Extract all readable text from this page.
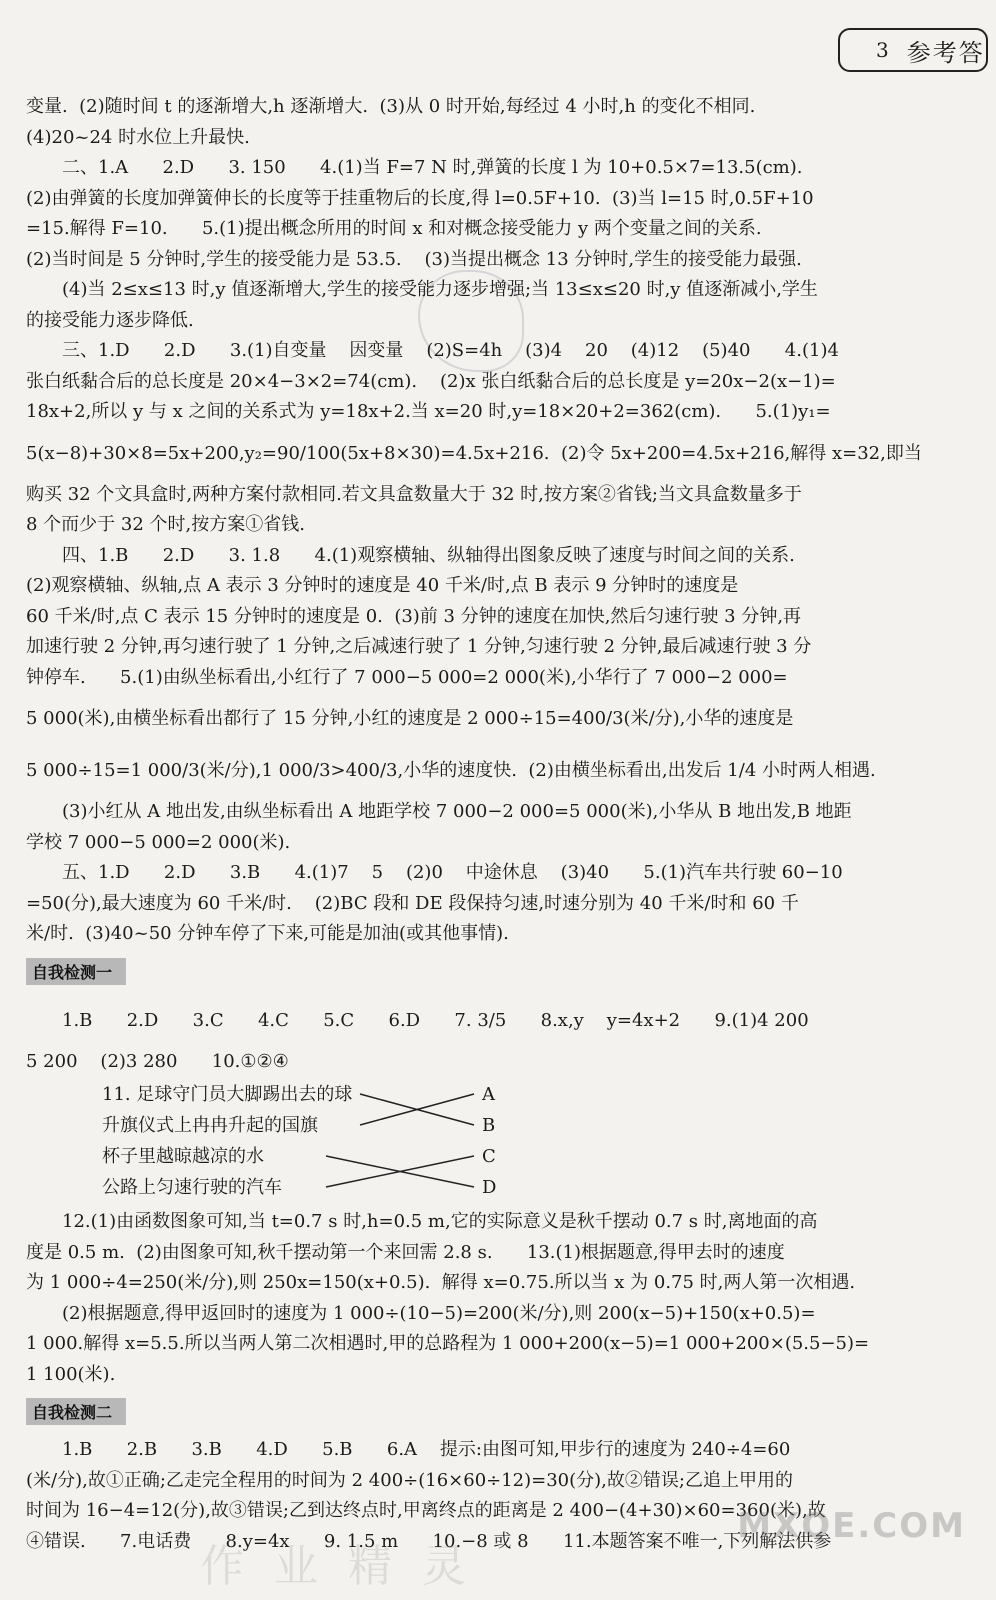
3 参考答
变量.  (2)随时间 t 的逐渐增大,h 逐渐增大.  (3)从 0 时开始,每经过 4 小时,h 的变化不相同.
(4)20~24 时水位上升最快.
二、1.A      2.D      3. 150      4.(1)当 F=7 N 时,弹簧的长度 l 为 10+0.5×7=13.5(cm).
(2)由弹簧的长度加弹簧伸长的长度等于挂重物后的长度,得 l=0.5F+10.  (3)当 l=15 时,0.5F+10
=15.解得 F=10.      5.(1)提出概念所用的时间 x 和对概念接受能力 y 两个变量之间的关系.
(2)当时间是 5 分钟时,学生的接受能力是 53.5.    (3)当提出概念 13 分钟时,学生的接受能力最强.
(4)当 2≤x≤13 时,y 值逐渐增大,学生的接受能力逐步增强;当 13≤x≤20 时,y 值逐渐减小,学生
的接受能力逐步降低.
三、1.D      2.D      3.(1)自变量    因变量    (2)S=4h    (3)4    20    (4)12    (5)40      4.(1)4
张白纸黏合后的总长度是 20×4−3×2=74(cm).    (2)x 张白纸黏合后的总长度是 y=20x−2(x−1)=
18x+2,所以 y 与 x 之间的关系式为 y=18x+2.当 x=20 时,y=18×20+2=362(cm).      5.(1)y₁=
5(x−8)+30×8=5x+200,y₂=90/100(5x+8×30)=4.5x+216.  (2)令 5x+200=4.5x+216,解得 x=32,即当
购买 32 个文具盒时,两种方案付款相同.若文具盒数量大于 32 时,按方案②省钱;当文具盒数量多于
8 个而少于 32 个时,按方案①省钱.
四、1.B      2.D      3. 1.8      4.(1)观察横轴、纵轴得出图象反映了速度与时间之间的关系.
(2)观察横轴、纵轴,点 A 表示 3 分钟时的速度是 40 千米/时,点 B 表示 9 分钟时的速度是
60 千米/时,点 C 表示 15 分钟时的速度是 0.  (3)前 3 分钟的速度在加快,然后匀速行驶 3 分钟,再
加速行驶 2 分钟,再匀速行驶了 1 分钟,之后减速行驶了 1 分钟,匀速行驶 2 分钟,最后减速行驶 3 分
钟停车.      5.(1)由纵坐标看出,小红行了 7 000−5 000=2 000(米),小华行了 7 000−2 000=
5 000(米),由横坐标看出都行了 15 分钟,小红的速度是 2 000÷15=400/3(米/分),小华的速度是
5 000÷15=1 000/3(米/分),1 000/3>400/3,小华的速度快.  (2)由横坐标看出,出发后 1/4 小时两人相遇.
(3)小红从 A 地出发,由纵坐标看出 A 地距学校 7 000−2 000=5 000(米),小华从 B 地出发,B 地距
学校 7 000−5 000=2 000(米).
五、1.D      2.D      3.B      4.(1)7    5    (2)0    中途休息    (3)40      5.(1)汽车共行驶 60−10
=50(分),最大速度为 60 千米/时.    (2)BC 段和 DE 段保持匀速,时速分别为 40 千米/时和 60 千
米/时.  (3)40~50 分钟车停了下来,可能是加油(或其他事情).
自我检测一
1.B      2.D      3.C      4.C      5.C      6.D      7. 3/5      8.x,y    y=4x+2      9.(1)4 200
5 200    (2)3 280      10.①②④
11. 足球守门员大脚踢出去的球
升旗仪式上冉冉升起的国旗
杯子里越晾越凉的水
公路上匀速行驶的汽车
A
B
C
D
12.(1)由函数图象可知,当 t=0.7 s 时,h=0.5 m,它的实际意义是秋千摆动 0.7 s 时,离地面的高
度是 0.5 m.  (2)由图象可知,秋千摆动第一个来回需 2.8 s.      13.(1)根据题意,得甲去时的速度
为 1 000÷4=250(米/分),则 250x=150(x+0.5).  解得 x=0.75.所以当 x 为 0.75 时,两人第一次相遇.
(2)根据题意,得甲返回时的速度为 1 000÷(10−5)=200(米/分),则 200(x−5)+150(x+0.5)=
1 000.解得 x=5.5.所以当两人第二次相遇时,甲的总路程为 1 000+200(x−5)=1 000+200×(5.5−5)=
1 100(米).
自我检测二
1.B      2.B      3.B      4.D      5.B      6.A    提示:由图可知,甲步行的速度为 240÷4=60
(米/分),故①正确;乙走完全程用的时间为 2 400÷(16×60÷12)=30(分),故②错误;乙追上甲用的
时间为 16−4=12(分),故③错误;乙到达终点时,甲离终点的距离是 2 400−(4+30)×60=360(米),故
④错误.      7.电话费      8.y=4x      9. 1.5 m      10.−8 或 8      11.本题答案不唯一,下列解法供参
作业精灵
MXQE.COM
